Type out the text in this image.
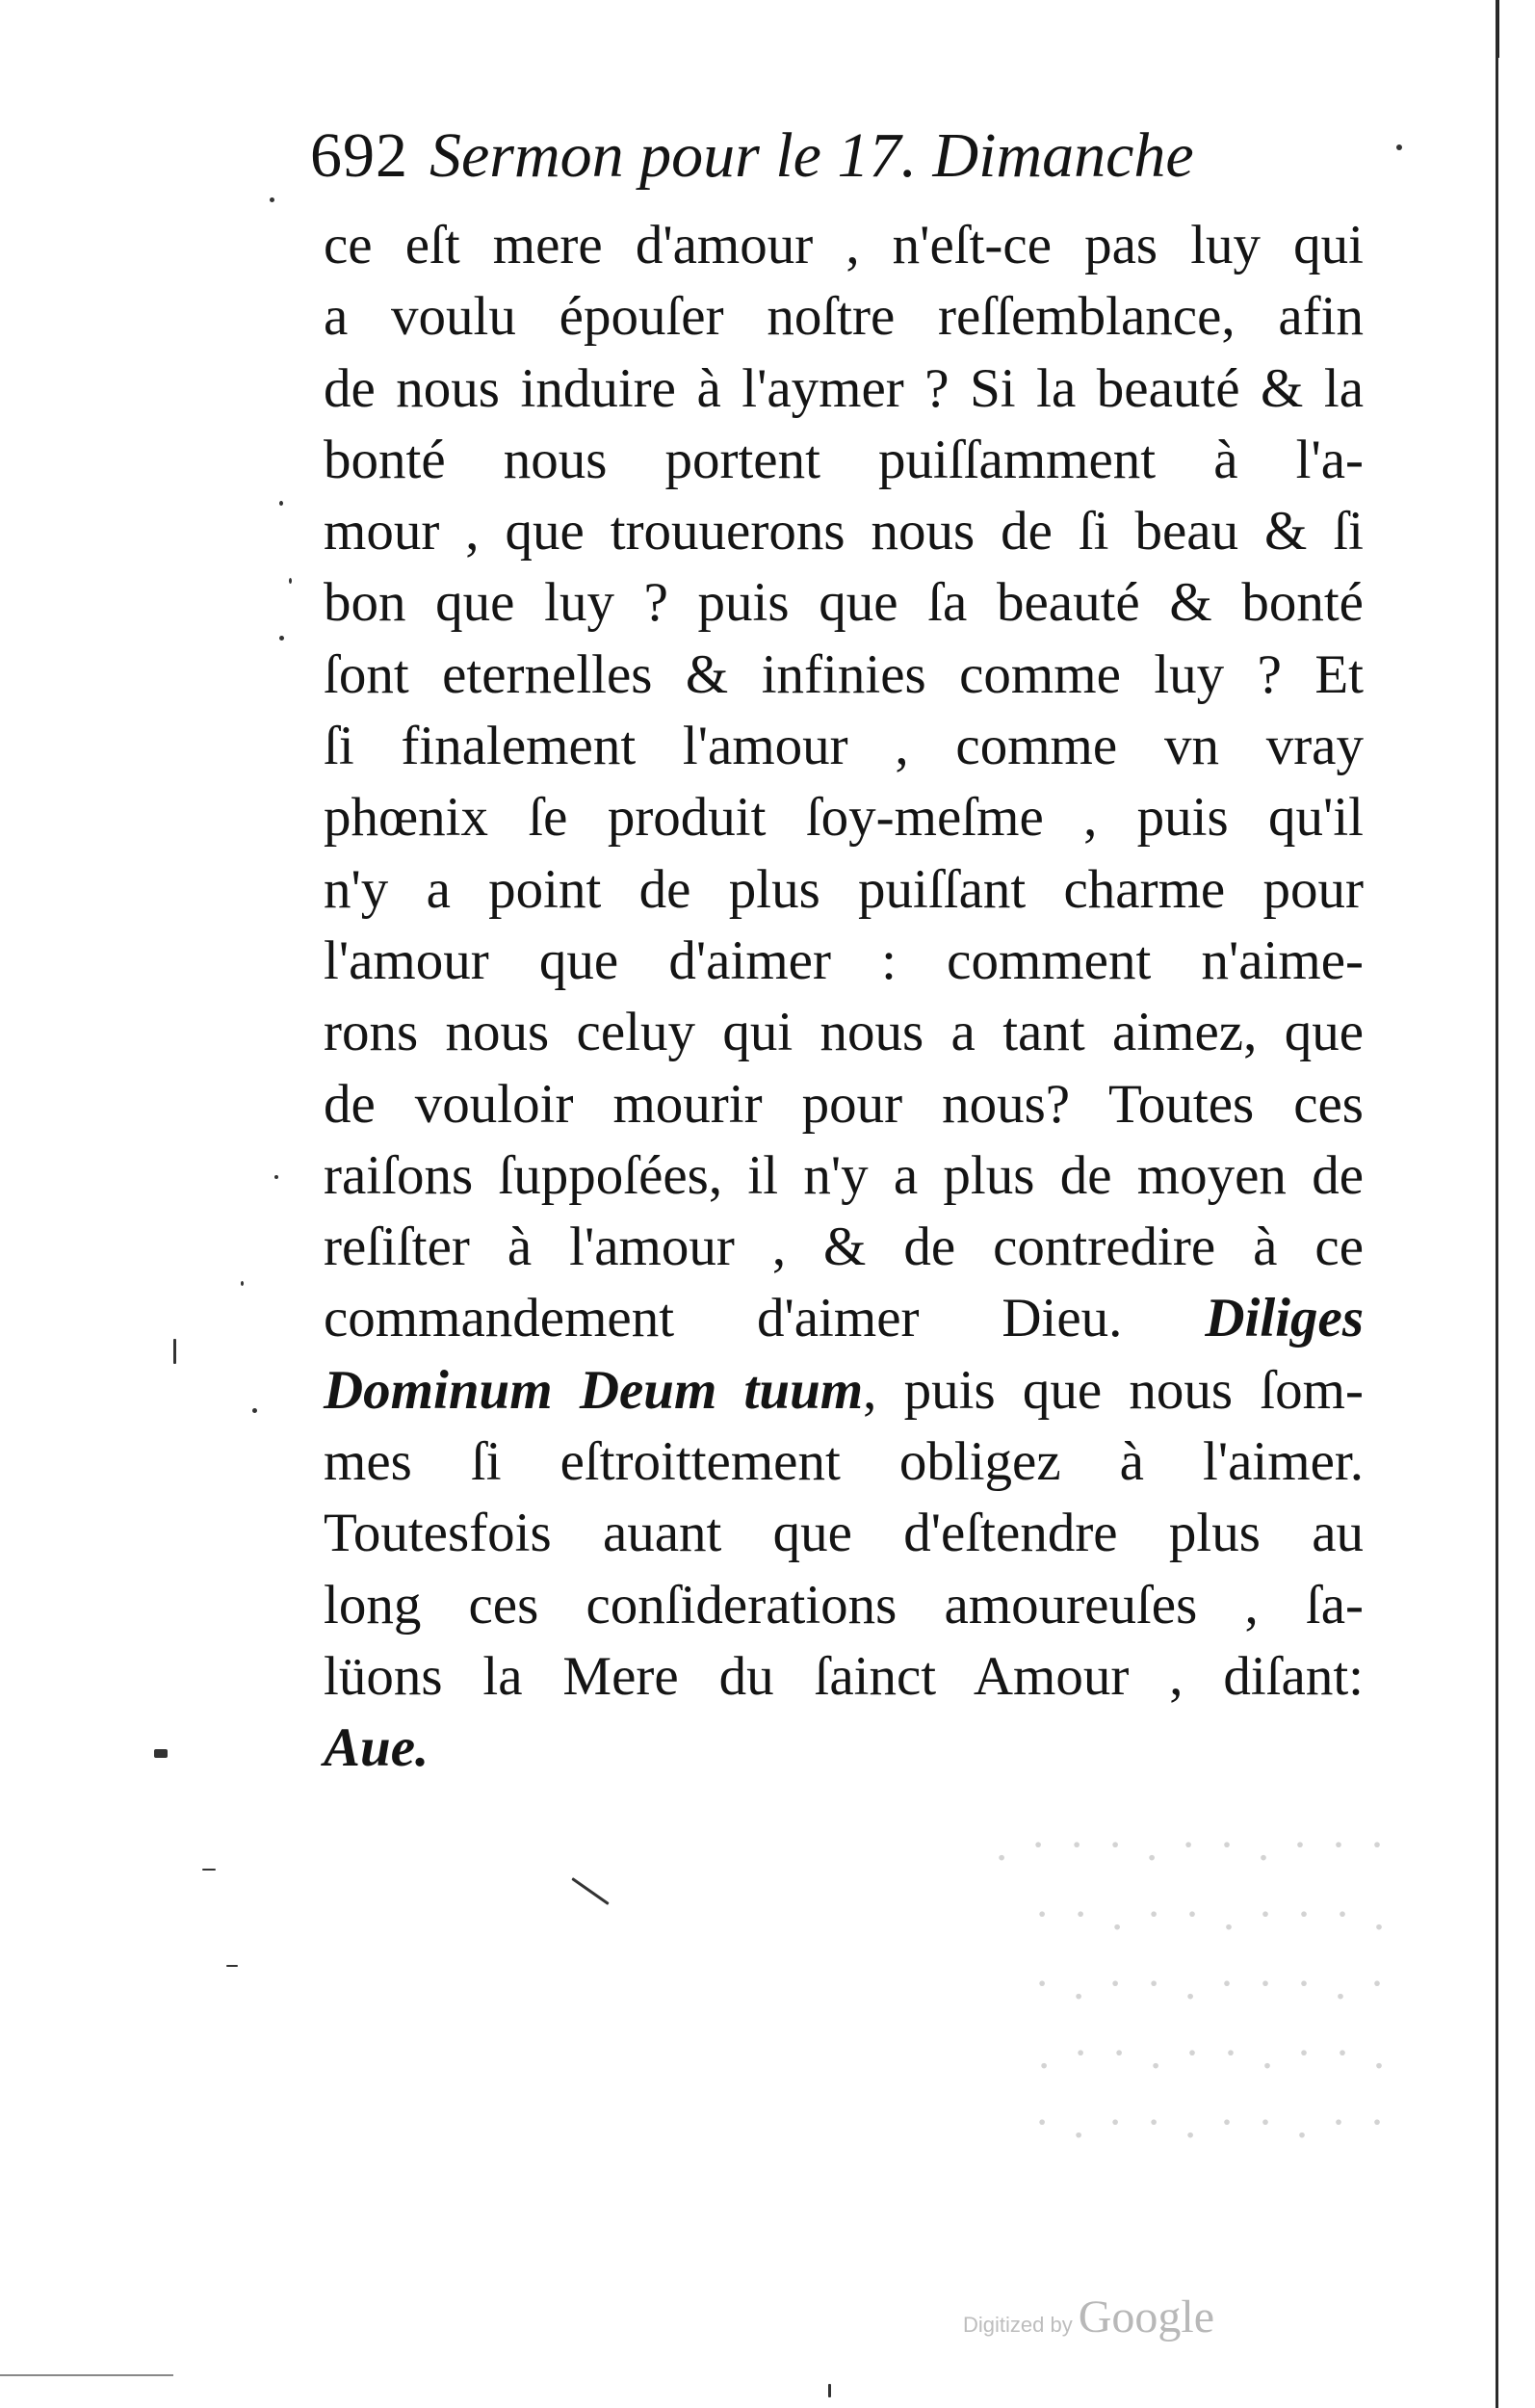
692 Sermon pour le 17. Dimanche
ce eſt mere d'amour , n'eſt-ce pas luy qui
a voulu épouſer noſtre reſſemblance, afin
de nous induire à l'aymer ? Si la beauté & la
bonté nous portent puiſſamment à l'a-
mour , que trouuerons nous de ſi beau & ſi
bon que luy ? puis que ſa beauté & bonté
ſont eternelles & infinies comme luy ? Et
ſi finalement l'amour , comme vn vray
phœnix ſe produit ſoy-meſme , puis qu'il
n'y a point de plus puiſſant charme pour
l'amour que d'aimer : comment n'aime-
rons nous celuy qui nous a tant aimez, que
de vouloir mourir pour nous? Toutes ces
raiſons ſuppoſées, il n'y a plus de moyen de
reſiſter à l'amour , & de contredire à ce
commandement d'aimer Dieu. Diliges
Dominum Deum tuum, puis que nous ſom-
mes ſi eſtroittement obligez à l'aimer.
Toutesfois auant que d'eſtendre plus au
long ces conſiderations amoureuſes , ſa-
lüons la Mere du ſainct Amour , diſant:
Aue.
· · · . · · . · · · .
. · · · . · · . · ·
· . · · · . · · . ·
. · · . · · . · · .
· · . · · . · · . ·
Digitized by Google
